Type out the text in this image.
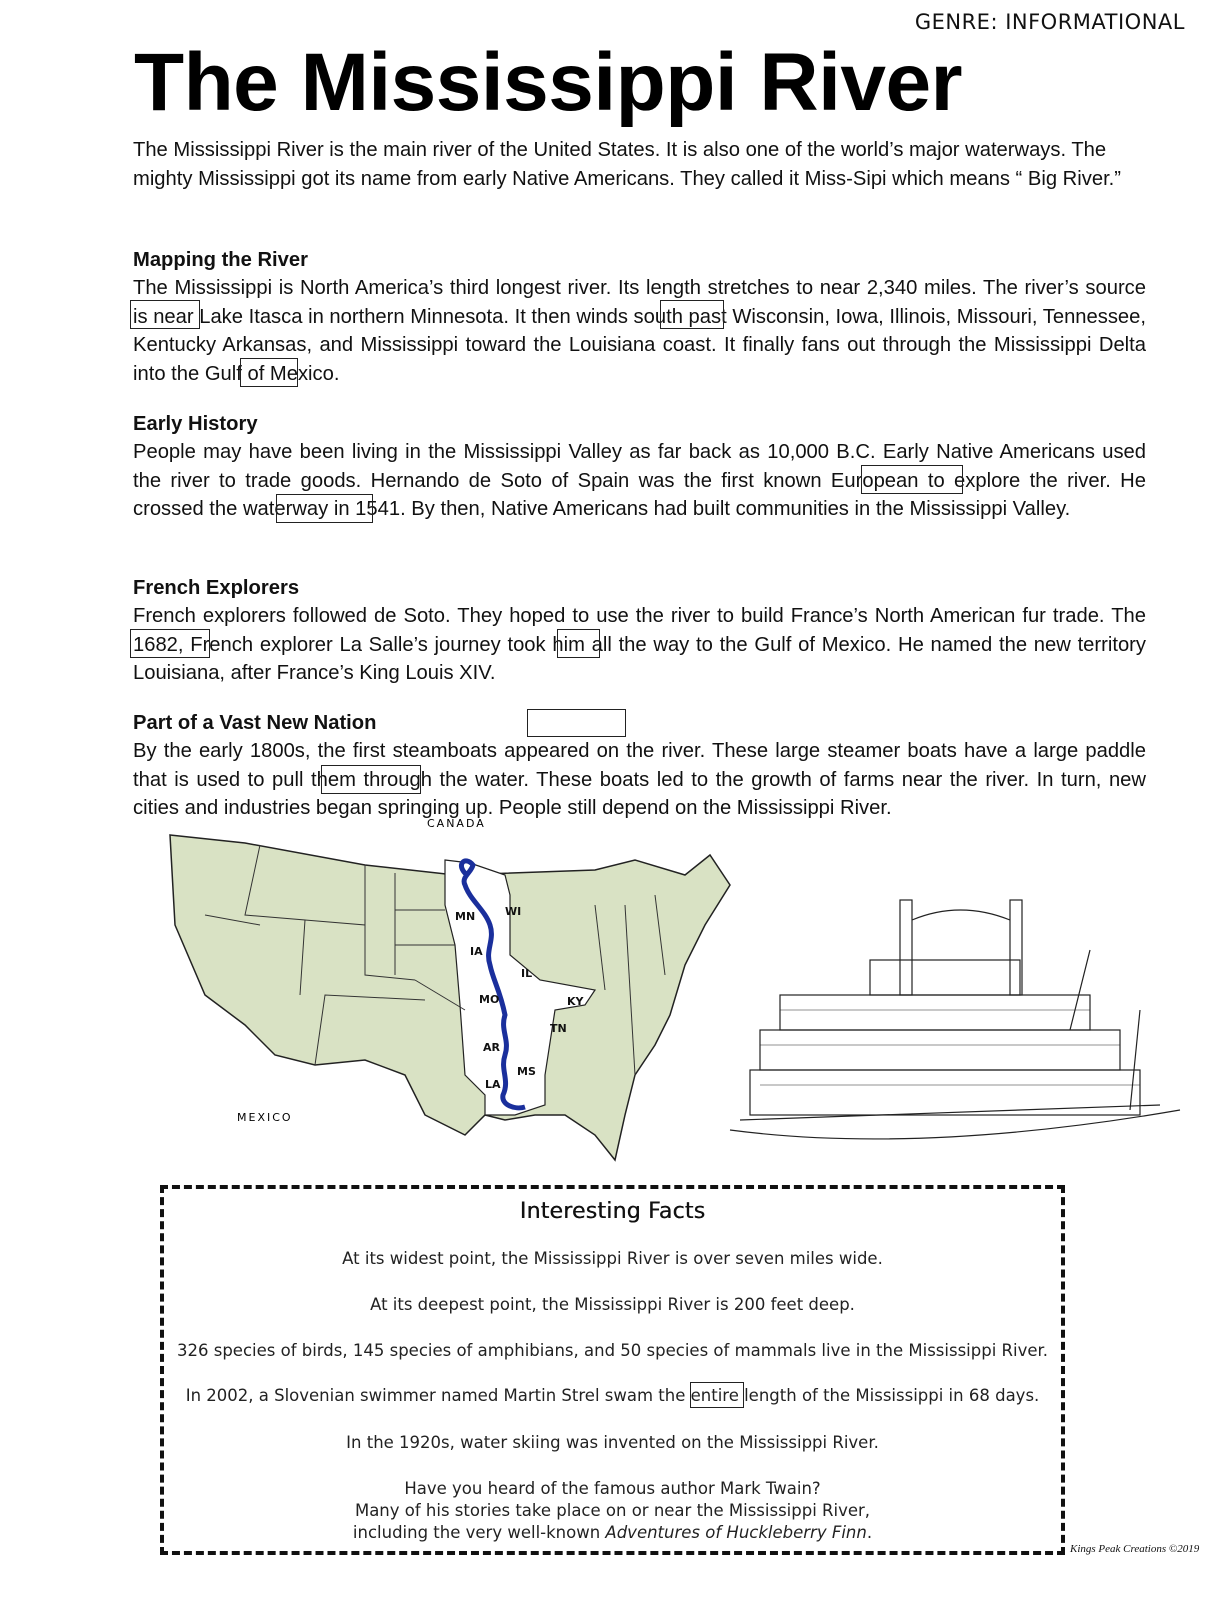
GENRE: INFORMATIONAL
The Mississippi River

The Mississippi River is the main river of the United States. It is also one of the world’s major waterways. The mighty Mississippi got its name from early Native Americans. They called it Miss-Sipi which means “ Big River.”

Mapping the River

The Mississippi is North America’s third longest river. Its length stretches to near 2,340 miles. The river’s source is near Lake Itasca in northern Minnesota. It then winds south past Wisconsin, Iowa, Illinois, Missouri, Tennessee, Kentucky Arkansas, and Mississippi toward the Louisiana coast. It finally fans out through the Mississippi Delta into the Gulf of Mexico.

Early History

People may have been living in the Mississippi Valley as far back as 10,000 B.C. Early Native Americans used the river to trade goods. Hernando de Soto of Spain was the first known European to explore the river. He crossed the waterway in 1541. By then, Native Americans had built communities in the Mississippi Valley.

French Explorers

French explorers followed de Soto. They hoped to use the river to build France’s North American fur trade. The 1682, French explorer La Salle’s journey took him all the way to the Gulf of Mexico. He named the new territory Louisiana, after France’s King Louis XIV.

Part of a Vast New Nation

By the early 1800s, the first steamboats appeared on the river. These large steamer boats have a large paddle that is used to pull them through the water. These boats led to the growth of farms near the river. In turn, new cities and industries began springing up. People still depend on the Mississippi River.

MN	WI
IA
IL
MO	KY
TN
AR
MS
LA
CANADA
MEXICO
Interesting Facts

At its widest point, the Mississippi River is over seven miles wide.

At its deepest point, the Mississippi River is 200 feet deep.

326 species of birds, 145 species of amphibians, and 50 species of mammals live in the Mississippi River.

In 2002, a Slovenian swimmer named Martin Strel swam the entire length of the Mississippi in 68 days.

In the 1920s, water skiing was invented on the Mississippi River.

Have you heard of the famous author Mark Twain?

Many of his stories take place on or near the Mississippi River,

including the very well-known Adventures of Huckleberry Finn.

Kings Peak Creations ©2019
